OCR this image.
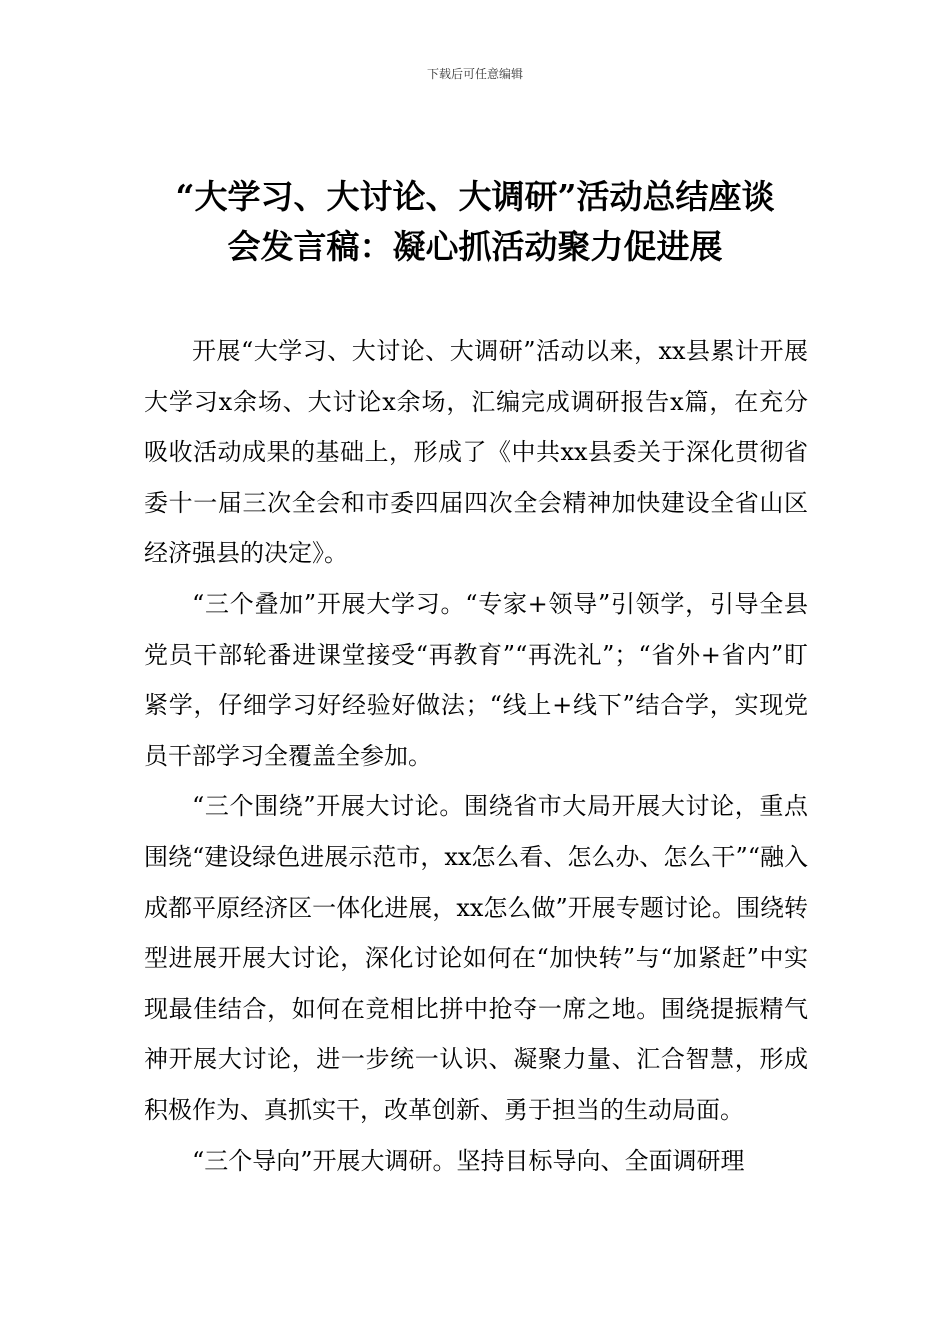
下载后可任意编辑
“大学习、大讨论、大调研”活动总结座谈
会发言稿：凝心抓活动聚力促进展

开展“大学习、大讨论、大调研”活动以来，xx县累计开展大学习x余场、大讨论x余场，汇编完成调研报告x篇，在充分吸收活动成果的基础上，形成了《中共xx县委关于深化贯彻省委十一届三次全会和市委四届四次全会精神加快建设全省山区经济强县的决定》。

“三个叠加”开展大学习。“专家+领导”引领学，引导全县党员干部轮番进课堂接受“再教育”“再洗礼”；“省外+省内”盯紧学，仔细学习好经验好做法；“线上+线下”结合学，实现党员干部学习全覆盖全参加。

“三个围绕”开展大讨论。围绕省市大局开展大讨论，重点围绕“建设绿色进展示范市，xx怎么看、怎么办、怎么干”“融入成都平原经济区一体化进展，xx怎么做”开展专题讨论。围绕转型进展开展大讨论，深化讨论如何在“加快转”与“加紧赶”中实现最佳结合，如何在竞相比拼中抢夺一席之地。围绕提振精气神开展大讨论，进一步统一认识、凝聚力量、汇合智慧，形成积极作为、真抓实干，改革创新、勇于担当的生动局面。

“三个导向”开展大调研。坚持目标导向、全面调研理
